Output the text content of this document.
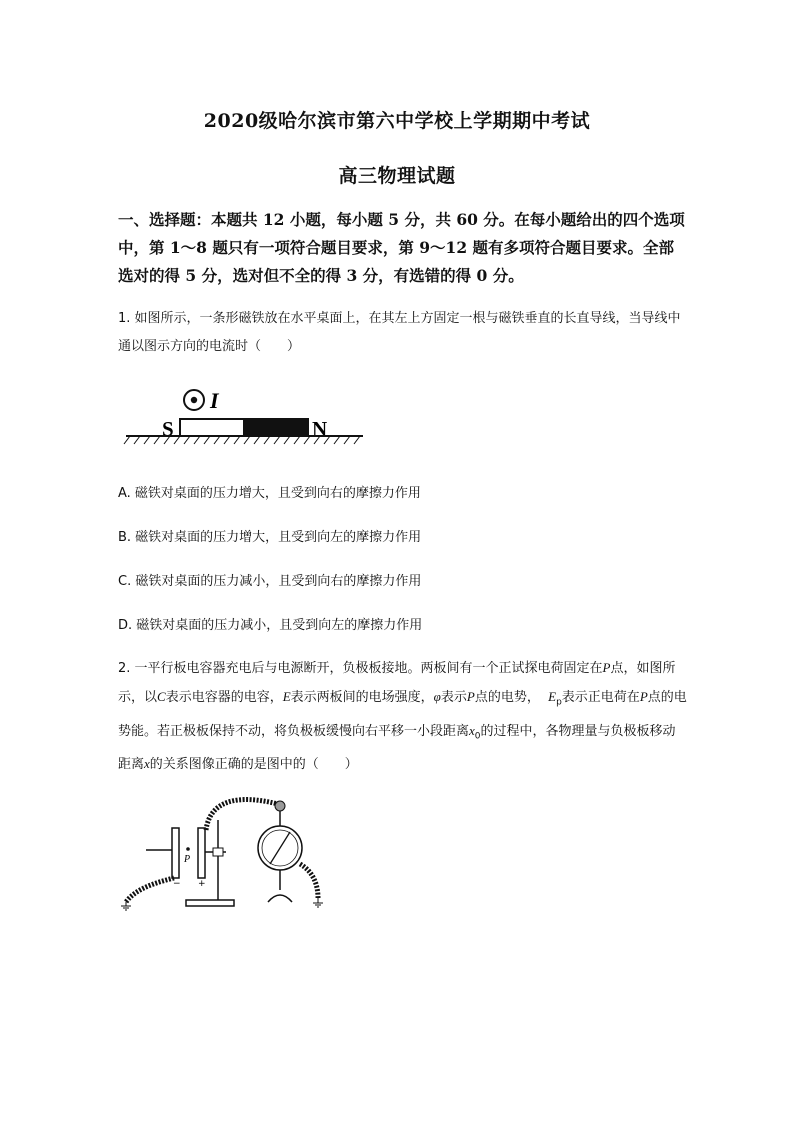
2020级哈尔滨市第六中学校上学期期中考试
高三物理试题
一、选择题：本题共 12 小题，每小题 5 分，共 60 分。在每小题给出的四个选项中，第 1～8 题只有一项符合题目要求，第 9～12 题有多项符合题目要求。全部选对的得 5 分，选对但不全的得 3 分，有选错的得 0 分。
1. 如图所示，一条形磁铁放在水平桌面上，在其左上方固定一根与磁铁垂直的长直导线，当导线中通以图示方向的电流时（　　）
I
S	N
A. 磁铁对桌面的压力增大，且受到向右的摩擦力作用
B. 磁铁对桌面的压力增大，且受到向左的摩擦力作用
C. 磁铁对桌面的压力减小，且受到向右的摩擦力作用
D. 磁铁对桌面的压力减小，且受到向左的摩擦力作用
2. 一平行板电容器充电后与电源断开，负极板接地。两板间有一个正试探电荷固定在P点，如图所示，以C表示电容器的电容，E表示两板间的电场强度，φ表示P点的电势， $E_p$表示正电荷在P点的电势能。若正极板保持不动，将负极板缓慢向右平移一小段距离$x_0$的过程中，各物理量与负极板移动距离x的关系图像正确的是图中的（　　）
−
P
+
